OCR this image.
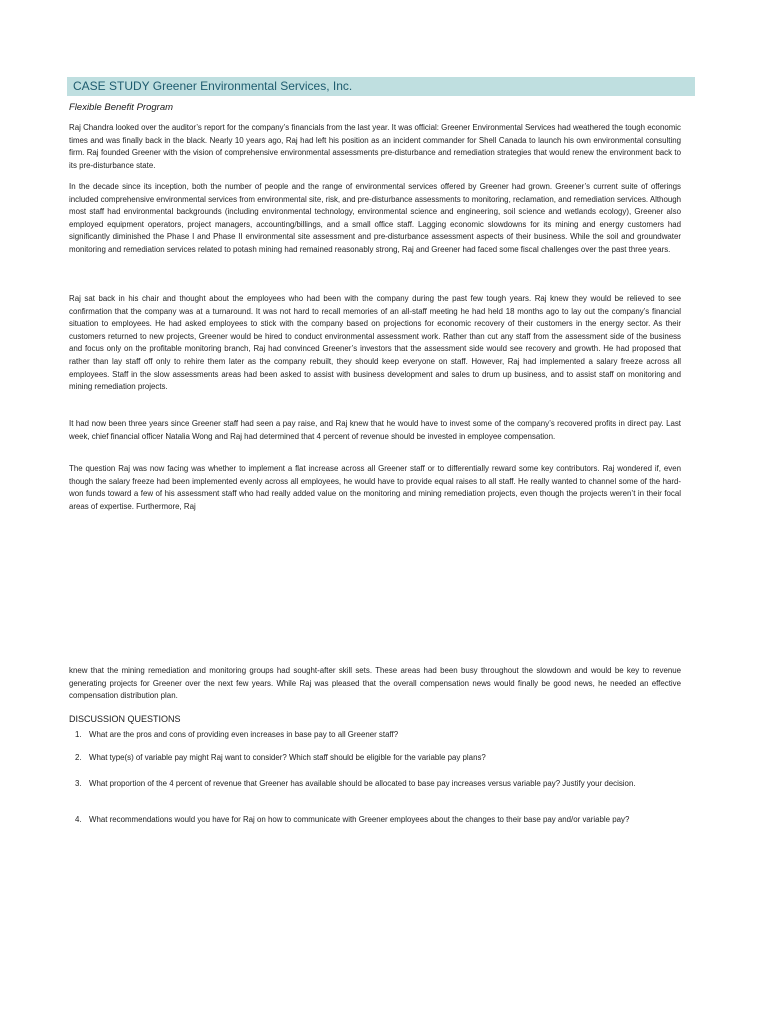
CASE STUDY Greener Environmental Services, Inc.
Flexible Benefit Program

Raj Chandra looked over the auditor’s report for the company’s financials from the last year. It was official: Greener Environmental Services had weathered the tough economic times and was finally back in the black. Nearly 10 years ago, Raj had left his position as an incident commander for Shell Canada to launch his own environmental consulting firm. Raj founded Greener with the vision of comprehensive environmental assessments pre-disturbance and remediation strategies that would renew the environment back to its pre-disturbance state.

In the decade since its inception, both the number of people and the range of environmental services offered by Greener had grown. Greener’s current suite of offerings included comprehensive environmental services from environmental site, risk, and pre-disturbance assessments to monitoring, reclamation, and remediation services. Although most staff had environmental backgrounds (including environmental technology, environmental science and engineering, soil science and wetlands ecology), Greener also employed equipment operators, project managers, accounting/billings, and a small office staff. Lagging economic slowdowns for its mining and energy customers had significantly diminished the Phase I and Phase II environmental site assessment and pre-disturbance assessment aspects of their business. While the soil and groundwater monitoring and remediation services related to potash mining had remained reasonably strong, Raj and Greener had faced some fiscal challenges over the past three years.

Raj sat back in his chair and thought about the employees who had been with the company during the past few tough years. Raj knew they would be relieved to see confirmation that the company was at a turnaround. It was not hard to recall memories of an all-staff meeting he had held 18 months ago to lay out the company’s financial situation to employees. He had asked employees to stick with the company based on projections for economic recovery of their customers in the energy sector. As their customers returned to new projects, Greener would be hired to conduct environmental assessment work. Rather than cut any staff from the assessment side of the business and focus only on the profitable monitoring branch, Raj had convinced Greener’s investors that the assessment side would see recovery and growth. He had proposed that rather than lay staff off only to rehire them later as the company rebuilt, they should keep everyone on staff. However, Raj had implemented a salary freeze across all employees. Staff in the slow assessments areas had been asked to assist with business development and sales to drum up business, and to assist staff on monitoring and mining remediation projects.

It had now been three years since Greener staff had seen a pay raise, and Raj knew that he would have to invest some of the company’s recovered profits in direct pay. Last week, chief financial officer Natalia Wong and Raj had determined that 4 percent of revenue should be invested in employee compensation.

The question Raj was now facing was whether to implement a flat increase across all Greener staff or to differentially reward some key contributors. Raj wondered if, even though the salary freeze had been implemented evenly across all employees, he would have to provide equal raises to all staff. He really wanted to channel some of the hard-won funds toward a few of his assessment staff who had really added value on the monitoring and mining remediation projects, even though the projects weren’t in their focal areas of expertise. Furthermore, Raj

knew that the mining remediation and monitoring groups had sought-after skill sets. These areas had been busy throughout the slowdown and would be key to revenue generating projects for Greener over the next few years. While Raj was pleased that the overall compensation news would finally be good news, he needed an effective compensation distribution plan.

DISCUSSION QUESTIONS
1. What are the pros and cons of providing even increases in base pay to all Greener staff?
2. What type(s) of variable pay might Raj want to consider? Which staff should be eligible for the variable pay plans?
3. What proportion of the 4 percent of revenue that Greener has available should be allocated to base pay increases versus variable pay? Justify your decision.
4. What recommendations would you have for Raj on how to communicate with Greener employees about the changes to their base pay and/or variable pay?
